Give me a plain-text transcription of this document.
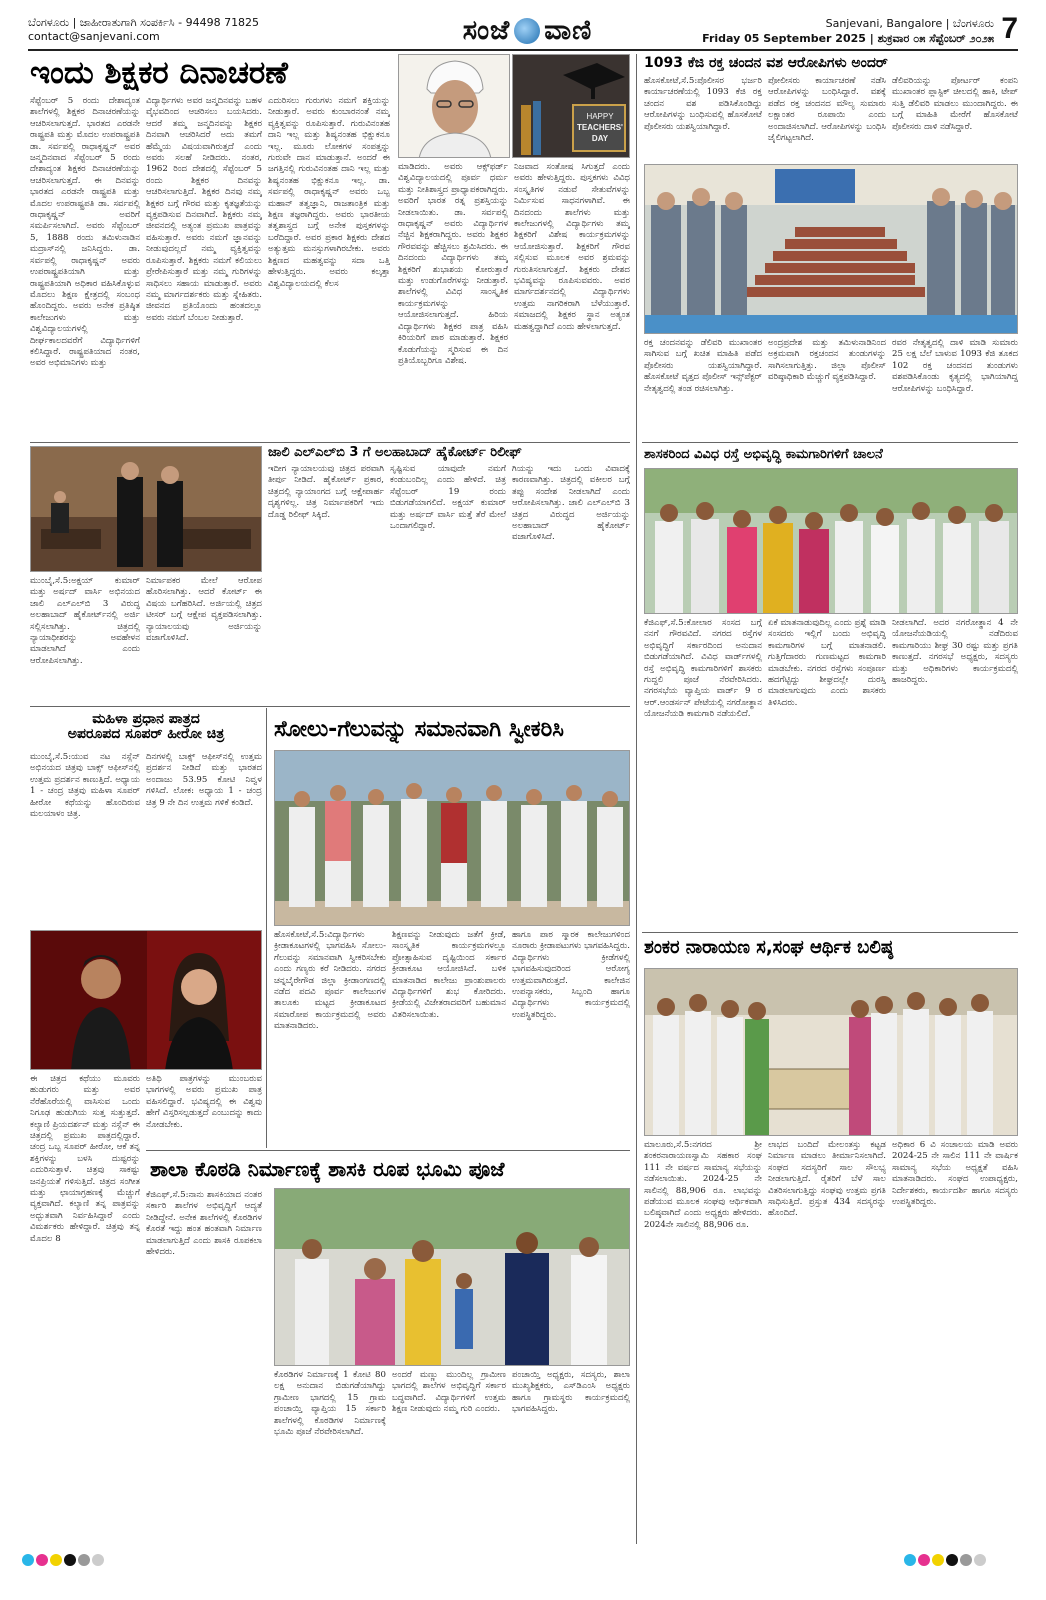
ಬೆಂಗಳೂರು | ಜಾಹೀರಾತುಗಾಗಿ ಸಂಪರ್ಕಿಸಿ - 94498 71825
contact@sanjevani.com	ಸಂಜೆ ವಾಣಿ	Sanjevani, Bangalore | ಬೆಂಗಳೂರು
Friday 05 September 2025 | ಶುಕ್ರವಾರ ೦೫ ಸೆಪ್ಟೆಂಬರ್ ೨೦೨೫ 7
ಇಂದು ಶಿಕ್ಷಕರ ದಿನಾಚರಣೆ
HAPPY
TEACHERS'
DAY
ಸೆಪ್ಟೆಂಬರ್ 5 ರಂದು ದೇಶಾದ್ಯಂತ ಶಾಲೆಗಳಲ್ಲಿ ಶಿಕ್ಷಕರ ದಿನಾಚರಣೆಯನ್ನು ಆಚರಿಸಲಾಗುತ್ತದೆ. ಭಾರತದ ಎರಡನೇ ರಾಷ್ಟ್ರಪತಿ ಮತ್ತು ಮೊದಲ ಉಪರಾಷ್ಟ್ರಪತಿ ಡಾ. ಸರ್ವಪಲ್ಲಿ ರಾಧಾಕೃಷ್ಣನ್ ಅವರ ಜನ್ಮದಿನವಾದ ಸೆಪ್ಟೆಂಬರ್ 5 ರಂದು ದೇಶಾದ್ಯಂತ ಶಿಕ್ಷಕರ ದಿನಾಚರಣೆಯನ್ನು ಆಚರಿಸಲಾಗುತ್ತದೆ. ಈ ದಿನವನ್ನು ಭಾರತದ ಎರಡನೇ ರಾಷ್ಟ್ರಪತಿ ಮತ್ತು ಮೊದಲ ಉಪರಾಷ್ಟ್ರಪತಿ ಡಾ. ಸರ್ವಪಲ್ಲಿ ರಾಧಾಕೃಷ್ಣನ್ ಅವರಿಗೆ ಸಮರ್ಪಿಸಲಾಗಿದೆ. ಅವರು ಸೆಪ್ಟೆಂಬರ್ 5, 1888 ರಂದು ತಮಿಳುನಾಡಿನ ಮದ್ರಾಸ್‌ನಲ್ಲಿ ಜನಿಸಿದ್ದರು. ಡಾ. ಸರ್ವಪಲ್ಲಿ ರಾಧಾಕೃಷ್ಣನ್ ಅವರು ಉಪರಾಷ್ಟ್ರಪತಿಯಾಗಿ ಮತ್ತು ರಾಷ್ಟ್ರಪತಿಯಾಗಿ ಅಧಿಕಾರ ವಹಿಸಿಕೊಳ್ಳುವ ಮೊದಲು ಶಿಕ್ಷಣ ಕ್ಷೇತ್ರದಲ್ಲಿ ಸಂಬಂಧ ಹೊಂದಿದ್ದರು. ಅವರು ಅನೇಕ ಪ್ರತಿಷ್ಠಿತ ಕಾಲೇಜುಗಳು ಮತ್ತು ವಿಶ್ವವಿದ್ಯಾಲಯಗಳಲ್ಲಿ ದೀರ್ಘಕಾಲದವರೆಗೆ ವಿದ್ಯಾರ್ಥಿಗಳಿಗೆ ಕಲಿಸಿದ್ದಾರೆ. ರಾಷ್ಟ್ರಪತಿಯಾದ ನಂತರ, ಅವರ ಅಭಿಮಾನಿಗಳು ಮತ್ತು
ವಿದ್ಯಾರ್ಥಿಗಳು ಅವರ ಜನ್ಮದಿನವನ್ನು ಬಹಳ ವೈಭವದಿಂದ ಆಚರಿಸಲು ಬಯಸಿದರು. ಆದರೆ ತಮ್ಮ ಜನ್ಮದಿನವನ್ನು ಶಿಕ್ಷಕರ ದಿನವಾಗಿ ಆಚರಿಸಿದರೆ ಅದು ತಮಗೆ ಹೆಮ್ಮೆಯ ವಿಷಯವಾಗಿರುತ್ತದೆ ಎಂದು ಅವರು ಸಲಹೆ ನೀಡಿದರು. ನಂತರ, 1962 ರಿಂದ ದೇಶದಲ್ಲಿ ಸೆಪ್ಟೆಂಬರ್ 5 ರಂದು ಶಿಕ್ಷಕರ ದಿನವನ್ನು ಆಚರಿಸಲಾಗುತ್ತಿದೆ. ಶಿಕ್ಷಕರ ದಿನವು ನಮ್ಮ ಶಿಕ್ಷಕರ ಬಗ್ಗೆ ಗೌರವ ಮತ್ತು ಕೃತಜ್ಞತೆಯನ್ನು ವ್ಯಕ್ತಪಡಿಸುವ ದಿನವಾಗಿದೆ. ಶಿಕ್ಷಕರು ನಮ್ಮ ಜೀವನದಲ್ಲಿ ಅತ್ಯಂತ ಪ್ರಮುಖ ಪಾತ್ರವನ್ನು ವಹಿಸುತ್ತಾರೆ. ಅವರು ನಮಗೆ ಜ್ಞಾನವನ್ನು ನೀಡುವುದಲ್ಲದೆ ನಮ್ಮ ವ್ಯಕ್ತಿತ್ವವನ್ನು ರೂಪಿಸುತ್ತಾರೆ. ಶಿಕ್ಷಕರು ನಮಗೆ ಕಲಿಯಲು ಪ್ರೇರೇಪಿಸುತ್ತಾರೆ ಮತ್ತು ನಮ್ಮ ಗುರಿಗಳನ್ನು ಸಾಧಿಸಲು ಸಹಾಯ ಮಾಡುತ್ತಾರೆ. ಅವರು ನಮ್ಮ ಮಾರ್ಗದರ್ಶಕರು ಮತ್ತು ಸ್ನೇಹಿತರು. ಜೀವನದ ಪ್ರತಿಯೊಂದು ಹಂತದಲ್ಲೂ ಅವರು ನಮಗೆ ಬೆಂಬಲ ನೀಡುತ್ತಾರೆ.
ಎದುರಿಸಲು ಗುರುಗಳು ನಮಗೆ ಶಕ್ತಿಯನ್ನು ನೀಡುತ್ತಾರೆ. ಅವರು ಕುಂಬಾರನಂತೆ ನಮ್ಮ ವ್ಯಕ್ತಿತ್ವವನ್ನು ರೂಪಿಸುತ್ತಾರೆ. ಗುರುವಿನಂತಹ ದಾನಿ ಇಲ್ಲ ಮತ್ತು ಶಿಷ್ಯನಂತಹ ಭಿಕ್ಷುಕನೂ ಇಲ್ಲ. ಮೂರು ಲೋಕಗಳ ಸಂಪತ್ತನ್ನು ಗುರುವೇ ದಾನ ಮಾಡುತ್ತಾನೆ. ಅಂದರೆ ಈ ಜಗತ್ತಿನಲ್ಲಿ ಗುರುವಿನಂತಹ ದಾನಿ ಇಲ್ಲ ಮತ್ತು ಶಿಷ್ಯನಂತಹ ಭಿಕ್ಷುಕನೂ ಇಲ್ಲ. ಡಾ. ಸರ್ವಪಲ್ಲಿ ರಾಧಾಕೃಷ್ಣನ್ ಅವರು ಒಬ್ಬ ಮಹಾನ್ ತತ್ವಜ್ಞಾನಿ, ರಾಜತಾಂತ್ರಿಕ ಮತ್ತು ಶಿಕ್ಷಣ ತಜ್ಞರಾಗಿದ್ದರು. ಅವರು ಭಾರತೀಯ ತತ್ವಶಾಸ್ತ್ರದ ಬಗ್ಗೆ ಅನೇಕ ಪುಸ್ತಕಗಳನ್ನು ಬರೆದಿದ್ದಾರೆ. ಅವರ ಪ್ರಕಾರ ಶಿಕ್ಷಕರು ದೇಶದ ಅತ್ಯುತ್ತಮ ಮನಸ್ಸುಗಳಾಗಿರಬೇಕು. ಅವರು ಶಿಕ್ಷಣದ ಮಹತ್ವವನ್ನು ಸದಾ ಒತ್ತಿ ಹೇಳುತ್ತಿದ್ದರು. ಅವರು ಕಲ್ಕತ್ತಾ ವಿಶ್ವವಿದ್ಯಾಲಯದಲ್ಲಿ ಕೆಲಸ
ಮಾಡಿದರು. ಅವರು ಆಕ್ಸ್‌ಫರ್ಡ್ ವಿಶ್ವವಿದ್ಯಾಲಯದಲ್ಲಿ ಪೂರ್ವ ಧರ್ಮ ಮತ್ತು ನೀತಿಶಾಸ್ತ್ರದ ಪ್ರಾಧ್ಯಾಪಕರಾಗಿದ್ದರು. ಅವರಿಗೆ ಭಾರತ ರತ್ನ ಪ್ರಶಸ್ತಿಯನ್ನು ನೀಡಲಾಯಿತು. ಡಾ. ಸರ್ವಪಲ್ಲಿ ರಾಧಾಕೃಷ್ಣನ್ ಅವರು ವಿದ್ಯಾರ್ಥಿಗಳ ನೆಚ್ಚಿನ ಶಿಕ್ಷಕರಾಗಿದ್ದರು. ಅವರು ಶಿಕ್ಷಕರ ಗೌರವವನ್ನು ಹೆಚ್ಚಿಸಲು ಶ್ರಮಿಸಿದರು. ಈ ದಿನದಂದು ವಿದ್ಯಾರ್ಥಿಗಳು ತಮ್ಮ ಶಿಕ್ಷಕರಿಗೆ ಶುಭಾಶಯ ಕೋರುತ್ತಾರೆ ಮತ್ತು ಉಡುಗೊರೆಗಳನ್ನು ನೀಡುತ್ತಾರೆ. ಶಾಲೆಗಳಲ್ಲಿ ವಿವಿಧ ಸಾಂಸ್ಕೃತಿಕ ಕಾರ್ಯಕ್ರಮಗಳನ್ನು ಆಯೋಜಿಸಲಾಗುತ್ತದೆ. ಹಿರಿಯ ವಿದ್ಯಾರ್ಥಿಗಳು ಶಿಕ್ಷಕರ ಪಾತ್ರ ವಹಿಸಿ ಕಿರಿಯರಿಗೆ ಪಾಠ ಮಾಡುತ್ತಾರೆ. ಶಿಕ್ಷಕರ ಕೊಡುಗೆಯನ್ನು ಸ್ಮರಿಸುವ ಈ ದಿನ ಪ್ರತಿಯೊಬ್ಬರಿಗೂ ವಿಶೇಷ.
ನಿಜವಾದ ಸಂತೋಷ ಸಿಗುತ್ತದೆ ಎಂದು ಅವರು ಹೇಳುತ್ತಿದ್ದರು. ಪುಸ್ತಕಗಳು ವಿವಿಧ ಸಂಸ್ಕೃತಿಗಳ ನಡುವೆ ಸೇತುವೆಗಳನ್ನು ನಿರ್ಮಿಸುವ ಸಾಧನಗಳಾಗಿವೆ. ಈ ದಿನದಂದು ಶಾಲೆಗಳು ಮತ್ತು ಕಾಲೇಜುಗಳಲ್ಲಿ ವಿದ್ಯಾರ್ಥಿಗಳು ತಮ್ಮ ಶಿಕ್ಷಕರಿಗೆ ವಿಶೇಷ ಕಾರ್ಯಕ್ರಮಗಳನ್ನು ಆಯೋಜಿಸುತ್ತಾರೆ. ಶಿಕ್ಷಕರಿಗೆ ಗೌರವ ಸಲ್ಲಿಸುವ ಮೂಲಕ ಅವರ ಶ್ರಮವನ್ನು ಗುರುತಿಸಲಾಗುತ್ತದೆ. ಶಿಕ್ಷಕರು ದೇಶದ ಭವಿಷ್ಯವನ್ನು ರೂಪಿಸುವವರು. ಅವರ ಮಾರ್ಗದರ್ಶನದಲ್ಲಿ ವಿದ್ಯಾರ್ಥಿಗಳು ಉತ್ತಮ ನಾಗರಿಕರಾಗಿ ಬೆಳೆಯುತ್ತಾರೆ. ಸಮಾಜದಲ್ಲಿ ಶಿಕ್ಷಕರ ಸ್ಥಾನ ಅತ್ಯಂತ ಮಹತ್ವದ್ದಾಗಿದೆ ಎಂದು ಹೇಳಲಾಗುತ್ತದೆ.
1093 ಕೆಜಿ ರಕ್ತ ಚಂದನ ವಶ ಆರೋಪಿಗಳು ಅಂದರ್
ಹೊಸಕೋಟೆ,ಸೆ.5:ಪೊಲೀಸರ ಭರ್ಜರಿ ಕಾರ್ಯಾಚರಣೆಯಲ್ಲಿ 1093 ಕೆಜಿ ರಕ್ತ ಚಂದನ ವಶ ಪಡಿಸಿಕೊಂಡಿದ್ದು ಆರೋಪಿಗಳನ್ನು ಬಂಧಿಸುವಲ್ಲಿ ಹೊಸಕೋಟೆ ಪೊಲೀಸರು ಯಶಸ್ವಿಯಾಗಿದ್ದಾರೆ.
ಪೋಲೀಸರು ಕಾರ್ಯಾಚರಣೆ ನಡೆಸಿ ಆರೋಪಿಗಳನ್ನು ಬಂಧಿಸಿದ್ದಾರೆ. ವಶಕ್ಕೆ ಪಡೆದ ರಕ್ತ ಚಂದನದ ಮೌಲ್ಯ ಸುಮಾರು ಲಕ್ಷಾಂತರ ರೂಪಾಯಿ ಎಂದು ಅಂದಾಜಿಸಲಾಗಿದೆ. ಆರೋಪಿಗಳನ್ನು ಬಂಧಿಸಿ ಜೈಲಿಗಟ್ಟಲಾಗಿದೆ.
ಡೆಲಿವರಿಯನ್ನು ಪೋರ್ಟರ್ ಕಂಪನಿ ಮುಖಾಂತರ ಪ್ಲಾಸ್ಟಿಕ್ ಚೀಲದಲ್ಲಿ ಹಾಕಿ, ಟೇಪ್ ಸುತ್ತಿ ಡೆಲಿವರಿ ಮಾಡಲು ಮುಂದಾಗಿದ್ದರು. ಈ ಬಗ್ಗೆ ಮಾಹಿತಿ ಮೇರೆಗೆ ಹೊಸಕೋಟೆ ಪೊಲೀಸರು ದಾಳಿ ನಡೆಸಿದ್ದಾರೆ.
ರಕ್ತ ಚಂದನವನ್ನು ಡೆಲಿವರಿ ಮುಖಾಂತರ ಸಾಗಿಸುವ ಬಗ್ಗೆ ಖಚಿತ ಮಾಹಿತಿ ಪಡೆದ ಪೊಲೀಸರು ಯಶಸ್ವಿಯಾಗಿದ್ದಾರೆ. ಹೊಸಕೋಟೆ ವೃತ್ತದ ಪೊಲೀಸ್ ಇನ್ಸ್‌ಪೆಕ್ಟರ್ ನೇತೃತ್ವದಲ್ಲಿ ತಂಡ ರಚಿಸಲಾಗಿತ್ತು.
ಅಂದ್ರಪ್ರದೇಶ ಮತ್ತು ತಮಿಳುನಾಡಿನಿಂದ ಅಕ್ರಮವಾಗಿ ರಕ್ತಚಂದನ ತುಂಡುಗಳನ್ನು ಸಾಗಿಸಲಾಗುತ್ತಿತ್ತು. ಜಿಲ್ಲಾ ಪೊಲೀಸ್ ವರಿಷ್ಠಾಧಿಕಾರಿ ಮೆಚ್ಚುಗೆ ವ್ಯಕ್ತಪಡಿಸಿದ್ದಾರೆ.
ರವರ ನೇತೃತ್ವದಲ್ಲಿ ದಾಳಿ ಮಾಡಿ ಸುಮಾರು 25 ಲಕ್ಷ ಬೆಲೆ ಬಾಳುವ 1093 ಕೆಜಿ ತೂಕದ 102 ರಕ್ತ ಚಂದನದ ತುಂಡುಗಳು ವಶಪಡಿಸಿಕೊಂಡು ಕೃತ್ಯದಲ್ಲಿ ಭಾಗಿಯಾಗಿದ್ದ ಆರೋಪಿಗಳನ್ನು ಬಂಧಿಸಿದ್ದಾರೆ.
ಜಾಲಿ ಎಲ್‌ಎಲ್‌ಬಿ 3 ಗೆ ಅಲಹಾಬಾದ್ ಹೈಕೋರ್ಟ್ ರಿಲೀಫ್
ಮುಂಬೈ,ಸೆ.5:ಅಕ್ಷಯ್ ಕುಮಾರ್ ಮತ್ತು ಅರ್ಷದ್ ವಾರ್ಸಿ ಅಭಿನಯದ ಜಾಲಿ ಎಲ್‌ಎಲ್‌ಬಿ 3 ವಿರುದ್ಧ ಅಲಹಾಬಾದ್ ಹೈಕೋರ್ಟ್‌ನಲ್ಲಿ ಅರ್ಜಿ ಸಲ್ಲಿಸಲಾಗಿತ್ತು. ಚಿತ್ರದಲ್ಲಿ ನ್ಯಾಯಾಧೀಶರನ್ನು ಅವಹೇಳನ ಮಾಡಲಾಗಿದೆ ಎಂದು ಆರೋಪಿಸಲಾಗಿತ್ತು.
ನಿರ್ಮಾಪಕರ ಮೇಲೆ ಆರೋಪ ಹೊರಿಸಲಾಗಿತ್ತು. ಆದರೆ ಕೋರ್ಟ್ ಈ ವಿಷಯ ಬಗೆಹರಿಸಿದೆ. ಅರ್ಜಿಯಲ್ಲಿ ಚಿತ್ರದ ಟೀಸರ್ ಬಗ್ಗೆ ಆಕ್ಷೇಪ ವ್ಯಕ್ತಪಡಿಸಲಾಗಿತ್ತು. ನ್ಯಾಯಾಲಯವು ಅರ್ಜಿಯನ್ನು ವಜಾಗೊಳಿಸಿದೆ.
ಇದೀಗ ನ್ಯಾಯಾಲಯವು ಚಿತ್ರದ ಪರವಾಗಿ ತೀರ್ಪು ನೀಡಿದೆ. ಹೈಕೋರ್ಟ್ ಪ್ರಕಾರ, ಚಿತ್ರದಲ್ಲಿ ನ್ಯಾಯಾಂಗದ ಬಗ್ಗೆ ಆಕ್ಷೇಪಾರ್ಹ ದೃಶ್ಯಗಳಿಲ್ಲ. ಚಿತ್ರ ನಿರ್ಮಾಪಕರಿಗೆ ಇದು ದೊಡ್ಡ ರಿಲೀಫ್ ಸಿಕ್ಕಿದೆ.
ಸೃಷ್ಟಿಸುವ ಯಾವುದೇ ನಮಗೆ ಕಂಡುಬಂದಿಲ್ಲ ಎಂದು ಹೇಳಿದೆ. ಚಿತ್ರ ಸೆಪ್ಟೆಂಬರ್ 19 ರಂದು ಬಿಡುಗಡೆಯಾಗಲಿದೆ. ಅಕ್ಷಯ್ ಕುಮಾರ್ ಮತ್ತು ಅರ್ಷದ್ ವಾರ್ಸಿ ಮತ್ತೆ ತೆರೆ ಮೇಲೆ ಒಂದಾಗಲಿದ್ದಾರೆ.
ಗಿಯನ್ನು ಇದು ಒಂದು ವಿವಾದಕ್ಕೆ ಕಾರಣವಾಗಿತ್ತು. ಚಿತ್ರದಲ್ಲಿ ವಕೀಲರ ಬಗ್ಗೆ ತಪ್ಪು ಸಂದೇಶ ನೀಡಲಾಗಿದೆ ಎಂದು ಆರೋಪಿಸಲಾಗಿತ್ತು. ಜಾಲಿ ಎಲ್‌ಎಲ್‌ಬಿ 3 ಚಿತ್ರದ ವಿರುದ್ಧದ ಅರ್ಜಿಯನ್ನು ಅಲಹಾಬಾದ್ ಹೈಕೋರ್ಟ್ ವಜಾಗೊಳಿಸಿದೆ.
ಮಹಿಳಾ ಪ್ರಧಾನ ಪಾತ್ರದ
ಅಪರೂಪದ ಸೂಪರ್ ಹೀರೋ ಚಿತ್ರ
ಮುಂಬೈ,ಸೆ.5:ಯುವ ನಟ ನಸ್ಲೆನ್ ಅಭಿನಯದ ಚಿತ್ರವು ಬಾಕ್ಸ್ ಆಫೀಸ್‌ನಲ್ಲಿ ಉತ್ತಮ ಪ್ರದರ್ಶನ ಕಾಣುತ್ತಿದೆ. ಅಧ್ಯಾಯ 1 - ಚಂದ್ರ ಚಿತ್ರವು ಮಹಿಳಾ ಸೂಪರ್ ಹೀರೋ ಕಥೆಯನ್ನು ಹೊಂದಿರುವ ಮಲಯಾಳಂ ಚಿತ್ರ.
ದಿನಗಳಲ್ಲಿ ಬಾಕ್ಸ್ ಆಫೀಸ್‌ನಲ್ಲಿ ಉತ್ತಮ ಪ್ರದರ್ಶನ ನೀಡಿದೆ ಮತ್ತು ಭಾರತದ ಅಂದಾಜು 53.95 ಕೋಟಿ ನಿವ್ವಳ ಗಳಿಸಿದೆ. ಲೋಕ: ಅಧ್ಯಾಯ 1 - ಚಂದ್ರ ಚಿತ್ರ 9 ನೇ ದಿನ ಉತ್ತಮ ಗಳಿಕೆ ಕಂಡಿದೆ.
ಈ ಚಿತ್ರದ ಕಥೆಯು ಮೂವರು ಹುಡುಗರು ಮತ್ತು ಅವರ ನೆರೆಹೊರೆಯಲ್ಲಿ ವಾಸಿಸುವ ಒಂದು ನಿಗೂಢ ಹುಡುಗಿಯ ಸುತ್ತ ಸುತ್ತುತ್ತದೆ. ಕಲ್ಯಾಣಿ ಪ್ರಿಯದರ್ಶನ್ ಮತ್ತು ನಸ್ಲೆನ್ ಈ ಚಿತ್ರದಲ್ಲಿ ಪ್ರಮುಖ ಪಾತ್ರದಲ್ಲಿದ್ದಾರೆ. ಚಂದ್ರ ಒಬ್ಬ ಸೂಪರ್ ಹೀರೋ, ಆಕೆ ತನ್ನ ಶಕ್ತಿಗಳನ್ನು ಬಳಸಿ ದುಷ್ಟರನ್ನು ಎದುರಿಸುತ್ತಾಳೆ. ಚಿತ್ರವು ಸಾಕಷ್ಟು ಜನಪ್ರಿಯತೆ ಗಳಿಸುತ್ತಿದೆ. ಚಿತ್ರದ ಸಂಗೀತ ಮತ್ತು ಛಾಯಾಗ್ರಹಣಕ್ಕೆ ಮೆಚ್ಚುಗೆ ವ್ಯಕ್ತವಾಗಿದೆ. ಕಲ್ಯಾಣಿ ತನ್ನ ಪಾತ್ರವನ್ನು ಅದ್ಭುತವಾಗಿ ನಿರ್ವಹಿಸಿದ್ದಾರೆ ಎಂದು ವಿಮರ್ಶಕರು ಹೇಳಿದ್ದಾರೆ. ಚಿತ್ರವು ತನ್ನ ಮೊದಲ 8
ಅತಿಥಿ ಪಾತ್ರಗಳನ್ನು ಮುಂಬರುವ ಭಾಗಗಳಲ್ಲಿ ಅವರು ಪ್ರಮುಖ ಪಾತ್ರ ವಹಿಸಲಿದ್ದಾರೆ. ಭವಿಷ್ಯದಲ್ಲಿ ಈ ವಿಶ್ವವು ಹೇಗೆ ವಿಸ್ತರಿಸಲ್ಪಡುತ್ತದೆ ಎಂಬುದನ್ನು ಕಾದು ನೋಡಬೇಕು.
ಸೋಲು-ಗೆಲುವನ್ನು ಸಮಾನವಾಗಿ ಸ್ವೀಕರಿಸಿ
ಹೊಸಕೋಟೆ,ಸೆ.5:ವಿದ್ಯಾರ್ಥಿಗಳು ಕ್ರೀಡಾಕೂಟಗಳಲ್ಲಿ ಭಾಗವಹಿಸಿ ಸೋಲು-ಗೆಲುವನ್ನು ಸಮಾನವಾಗಿ ಸ್ವೀಕರಿಸಬೇಕು ಎಂದು ಗಣ್ಯರು ಕರೆ ನೀಡಿದರು. ನಗರದ ಚನ್ನಬೈರೇಗೌಡ ಜಿಲ್ಲಾ ಕ್ರೀಡಾಂಗಣದಲ್ಲಿ ನಡೆದ ಪದವಿ ಪೂರ್ವ ಕಾಲೇಜುಗಳ ತಾಲೂಕು ಮಟ್ಟದ ಕ್ರೀಡಾಕೂಟದ ಸಮಾರೋಪ ಕಾರ್ಯಕ್ರಮದಲ್ಲಿ ಅವರು ಮಾತನಾಡಿದರು.
ಶಿಕ್ಷಣವನ್ನು ನೀಡುವುದು ಜತೆಗೆ ಕ್ರೀಡೆ, ಸಾಂಸ್ಕೃತಿಕ ಕಾರ್ಯಕ್ರಮಗಳಲ್ಲೂ ಪ್ರೋತ್ಸಾಹಿಸುವ ದೃಷ್ಟಿಯಿಂದ ಸರ್ಕಾರ ಕ್ರೀಡಾಕೂಟ ಆಯೋಜಿಸಿದೆ. ಬಳಿಕ ಮಾತನಾಡಿದ ಕಾಲೇಜು ಪ್ರಾಂಶುಪಾಲರು ವಿದ್ಯಾರ್ಥಿಗಳಿಗೆ ಶುಭ ಕೋರಿದರು. ಕ್ರೀಡೆಯಲ್ಲಿ ವಿಜೇತರಾದವರಿಗೆ ಬಹುಮಾನ ವಿತರಿಸಲಾಯಿತು.
ಹಾಗೂ ಪಾಠ ಸ್ಮಾರಕ ಕಾಲೇಜುಗಳಿಂದ ನೂರಾರು ಕ್ರೀಡಾಪಟುಗಳು ಭಾಗವಹಿಸಿದ್ದರು. ವಿದ್ಯಾರ್ಥಿಗಳು ಕ್ರೀಡೆಗಳಲ್ಲಿ ಭಾಗವಹಿಸುವುದರಿಂದ ಆರೋಗ್ಯ ಉತ್ತಮವಾಗಿರುತ್ತದೆ. ಕಾಲೇಜಿನ ಉಪನ್ಯಾಸಕರು, ಸಿಬ್ಬಂದಿ ಹಾಗೂ ವಿದ್ಯಾರ್ಥಿಗಳು ಕಾರ್ಯಕ್ರಮದಲ್ಲಿ ಉಪಸ್ಥಿತರಿದ್ದರು.
ಶಾಲಾ ಕೊಠಡಿ ನಿರ್ಮಾಣಕ್ಕೆ ಶಾಸಕಿ ರೂಪ ಭೂಮಿ ಪೂಜೆ
ಕೆಜಿಎಫ್,ಸೆ.5:ನಾನು ಶಾಸಕಿಯಾದ ನಂತರ ಸರ್ಕಾರಿ ಶಾಲೆಗಳ ಅಭಿವೃದ್ಧಿಗೆ ಆದ್ಯತೆ ನೀಡಿದ್ದೇನೆ. ಅನೇಕ ಶಾಲೆಗಳಲ್ಲಿ ಕೊಠಡಿಗಳ ಕೊರತೆ ಇದ್ದು ಹಂತ ಹಂತವಾಗಿ ನಿರ್ಮಾಣ ಮಾಡಲಾಗುತ್ತಿದೆ ಎಂದು ಶಾಸಕಿ ರೂಪಕಲಾ ಹೇಳಿದರು.
ಕೊಠಡಿಗಳ ನಿರ್ಮಾಣಕ್ಕೆ 1 ಕೋಟಿ 80 ಲಕ್ಷ ಅನುದಾನ ಬಿಡುಗಡೆಯಾಗಿದ್ದು ಗ್ರಾಮೀಣ ಭಾಗದಲ್ಲಿ 15 ಗ್ರಾಮ ಪಂಚಾಯ್ತಿ ವ್ಯಾಪ್ತಿಯ 15 ಸರ್ಕಾರಿ ಶಾಲೆಗಳಲ್ಲಿ ಕೊಠಡಿಗಳ ನಿರ್ಮಾಣಕ್ಕೆ ಭೂಮಿ ಪೂಜೆ ನೆರವೇರಿಸಲಾಗಿದೆ.
ಅಂದರೆ ಮಣ್ಣು ಮುಂದಿಲ್ಲ ಗ್ರಾಮೀಣ ಭಾಗದಲ್ಲಿ ಶಾಲೆಗಳ ಅಭಿವೃದ್ಧಿಗೆ ಸರ್ಕಾರ ಬದ್ಧವಾಗಿದೆ. ವಿದ್ಯಾರ್ಥಿಗಳಿಗೆ ಉತ್ತಮ ಶಿಕ್ಷಣ ನೀಡುವುದು ನಮ್ಮ ಗುರಿ ಎಂದರು.
ಪಂಚಾಯ್ತಿ ಅಧ್ಯಕ್ಷರು, ಸದಸ್ಯರು, ಶಾಲಾ ಮುಖ್ಯಶಿಕ್ಷಕರು, ಎಸ್‌ಡಿಎಂಸಿ ಅಧ್ಯಕ್ಷರು ಹಾಗೂ ಗ್ರಾಮಸ್ಥರು ಕಾರ್ಯಕ್ರಮದಲ್ಲಿ ಭಾಗವಹಿಸಿದ್ದರು.
ಶಾಸಕರಿಂದ ವಿವಿಧ ರಸ್ತೆ ಅಭಿವೃದ್ಧಿ ಕಾಮಗಾರಿಗಳಿಗೆ ಚಾಲನೆ
ಕೆಜಿಎಫ್,ಸೆ.5:ಕೋಲಾರ ಸಂಸದ ಬಗ್ಗೆ ನನಗೆ ಗೌರವವಿದೆ. ನಗರದ ರಸ್ತೆಗಳ ಅಭಿವೃದ್ಧಿಗೆ ಸರ್ಕಾರದಿಂದ ಅನುದಾನ ಬಿಡುಗಡೆಯಾಗಿದೆ. ವಿವಿಧ ವಾರ್ಡ್‌ಗಳಲ್ಲಿ ರಸ್ತೆ ಅಭಿವೃದ್ಧಿ ಕಾಮಗಾರಿಗಳಿಗೆ ಶಾಸಕರು ಗುದ್ದಲಿ ಪೂಜೆ ನೆರವೇರಿಸಿದರು. ನಗರಸಭೆಯ ವ್ಯಾಪ್ತಿಯ ವಾರ್ಡ್ 9 ರ ಆರ್.ಆಂಡರ್ಸನ್ ಪೇಟೆಯಲ್ಲಿ ನಗರೋತ್ಥಾನ ಯೋಜನೆಯಡಿ ಕಾಮಗಾರಿ ನಡೆಯಲಿದೆ.
ಏಕೆ ಮಾತನಾಡುವುದಿಲ್ಲ ಎಂದು ಪ್ರಶ್ನೆ ಮಾಡಿ ಸಂಸದರು ಇಲ್ಲಿಗೆ ಬಂದು ಅಭಿವೃದ್ಧಿ ಕಾಮಗಾರಿಗಳ ಬಗ್ಗೆ ಮಾತನಾಡಲಿ. ಗುತ್ತಿಗೆದಾರರು ಗುಣಮಟ್ಟದ ಕಾಮಗಾರಿ ಮಾಡಬೇಕು. ನಗರದ ರಸ್ತೆಗಳು ಸಂಪೂರ್ಣ ಹದಗೆಟ್ಟಿದ್ದು ಶೀಘ್ರದಲ್ಲೇ ದುರಸ್ತಿ ಮಾಡಲಾಗುವುದು ಎಂದು ಶಾಸಕರು ತಿಳಿಸಿದರು.
ನೀಡಲಾಗಿದೆ. ಅದರ ನಗರೋತ್ಥಾನ 4 ನೇ ಯೋಜನೆಯಡಿಯಲ್ಲಿ ನಡೆದಿರುವ ಕಾಮಗಾರಿಯು ಶೀಘ್ರ 30 ರಷ್ಟು ಮತ್ತು ಪ್ರಗತಿ ಕಾಣುತ್ತದೆ. ನಗರಸಭೆ ಅಧ್ಯಕ್ಷರು, ಸದಸ್ಯರು ಮತ್ತು ಅಧಿಕಾರಿಗಳು ಕಾರ್ಯಕ್ರಮದಲ್ಲಿ ಹಾಜರಿದ್ದರು.
ಶಂಕರ ನಾರಾಯಣ ಸ,ಸಂಘ ಆರ್ಥಿಕ ಬಲಿಷ್ಠ
ಮಾಲೂರು,ಸೆ.5:ನಗರದ ಶ್ರೀ ಶಂಕರನಾರಾಯಣಸ್ವಾಮಿ ಸಹಕಾರ ಸಂಘ 111 ನೇ ವರ್ಷದ ಸಾಮಾನ್ಯ ಸಭೆಯನ್ನು ನಡೆಸಲಾಯಿತು. 2024-25 ನೇ ಸಾಲಿನಲ್ಲಿ 88,906 ರೂ. ಲಾಭವನ್ನು ಪಡೆಯುವ ಮೂಲಕ ಸಂಘವು ಆರ್ಥಿಕವಾಗಿ ಬಲಿಷ್ಠವಾಗಿದೆ ಎಂದು ಅಧ್ಯಕ್ಷರು ಹೇಳಿದರು. 2024ನೇ ಸಾಲಿನಲ್ಲಿ 88,906 ರೂ.
ಲಾಭದ ಬಂದಿದೆ ಮೇಲಂತಸ್ತು ಕಟ್ಟಡ ನಿರ್ಮಾಣ ಮಾಡಲು ತೀರ್ಮಾನಿಸಲಾಗಿದೆ. ಸಂಘದ ಸದಸ್ಯರಿಗೆ ಸಾಲ ಸೌಲಭ್ಯ ನೀಡಲಾಗುತ್ತಿದೆ. ರೈತರಿಗೆ ಬೆಳೆ ಸಾಲ ವಿತರಿಸಲಾಗುತ್ತಿದ್ದು ಸಂಘವು ಉತ್ತಮ ಪ್ರಗತಿ ಸಾಧಿಸುತ್ತಿದೆ. ಪ್ರಸ್ತುತ 434 ಸದಸ್ಯರನ್ನು ಹೊಂದಿದೆ.
ಅಧಿಕಾರ 6 ವಿ ಸಂಚಾಲಯ ಮಾಡಿ ಅವರು 2024-25 ನೇ ಸಾಲಿನ 111 ನೇ ವಾರ್ಷಿಕ ಸಾಮಾನ್ಯ ಸಭೆಯ ಅಧ್ಯಕ್ಷತೆ ವಹಿಸಿ ಮಾತನಾಡಿದರು. ಸಂಘದ ಉಪಾಧ್ಯಕ್ಷರು, ನಿರ್ದೇಶಕರು, ಕಾರ್ಯದರ್ಶಿ ಹಾಗೂ ಸದಸ್ಯರು ಉಪಸ್ಥಿತರಿದ್ದರು.
